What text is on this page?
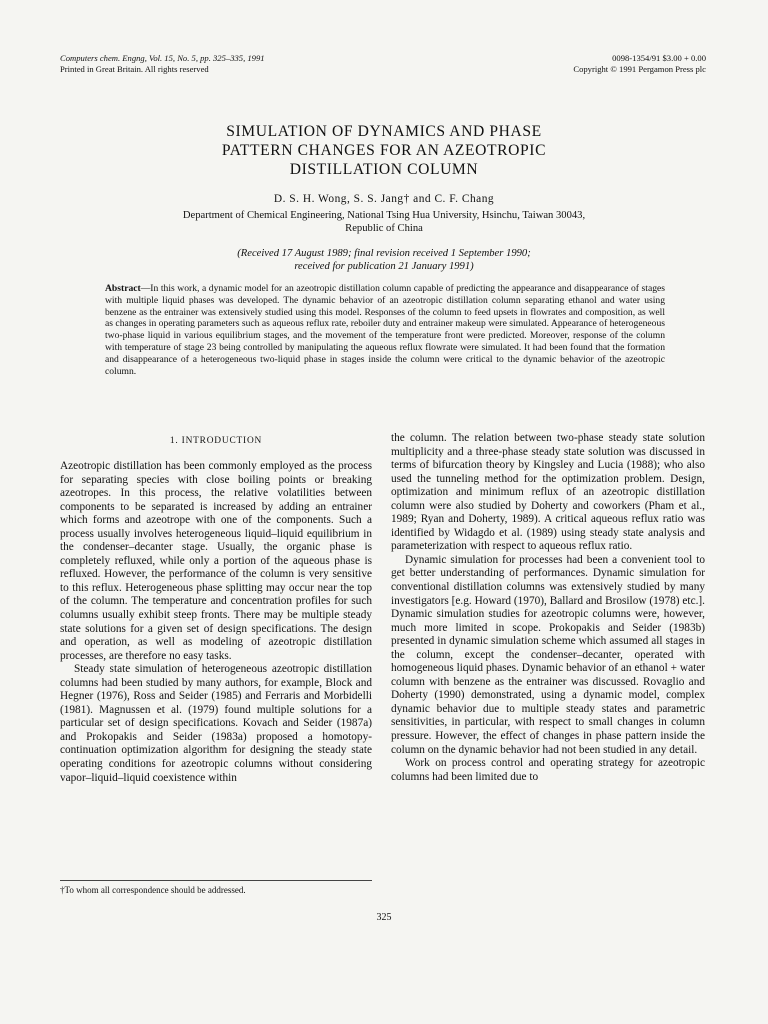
Computers chem. Engng, Vol. 15, No. 5, pp. 325–335, 1991
Printed in Great Britain. All rights reserved
0098-1354/91 $3.00 + 0.00
Copyright © 1991 Pergamon Press plc
SIMULATION OF DYNAMICS AND PHASE
PATTERN CHANGES FOR AN AZEOTROPIC
DISTILLATION COLUMN
D. S. H. Wong, S. S. Jang† and C. F. Chang
Department of Chemical Engineering, National Tsing Hua University, Hsinchu, Taiwan 30043,
Republic of China
(Received 17 August 1989; final revision received 1 September 1990;
received for publication 21 January 1991)
Abstract—In this work, a dynamic model for an azeotropic distillation column capable of predicting the appearance and disappearance of stages with multiple liquid phases was developed. The dynamic behavior of an azeotropic distillation column separating ethanol and water using benzene as the entrainer was extensively studied using this model. Responses of the column to feed upsets in flowrates and composition, as well as changes in operating parameters such as aqueous reflux rate, reboiler duty and entrainer makeup were simulated. Appearance of heterogeneous two-phase liquid in various equilibrium stages, and the movement of the temperature front were predicted. Moreover, response of the column with temperature of stage 23 being controlled by manipulating the aqueous reflux flowrate were simulated. It had been found that the formation and disappearance of a heterogeneous two-liquid phase in stages inside the column were critical to the dynamic behavior of the azeotropic column.
1. INTRODUCTION

Azeotropic distillation has been commonly employed as the process for separating species with close boiling points or breaking azeotropes. In this process, the relative volatilities between components to be separated is increased by adding an entrainer which forms and azeotrope with one of the components. Such a process usually involves heterogeneous liquid–liquid equilibrium in the condenser–decanter stage. Usually, the organic phase is completely refluxed, while only a portion of the aqueous phase is refluxed. However, the performance of the column is very sensitive to this reflux. Heterogeneous phase splitting may occur near the top of the column. The temperature and concentration profiles for such columns usually exhibit steep fronts. There may be multiple steady state solutions for a given set of design specifications. The design and operation, as well as modeling of azeotropic distillation processes, are therefore no easy tasks.

Steady state simulation of heterogeneous azeotropic distillation columns had been studied by many authors, for example, Block and Hegner (1976), Ross and Seider (1985) and Ferraris and Morbidelli (1981). Magnussen et al. (1979) found multiple solutions for a particular set of design specifications. Kovach and Seider (1987a) and Prokopakis and Seider (1983a) proposed a homotopy-continuation optimization algorithm for designing the steady state operating conditions for azeotropic columns without considering vapor–liquid–liquid coexistence within

the column. The relation between two-phase steady state solution multiplicity and a three-phase steady state solution was discussed in terms of bifurcation theory by Kingsley and Lucia (1988); who also used the tunneling method for the optimization problem. Design, optimization and minimum reflux of an azeotropic distillation column were also studied by Doherty and coworkers (Pham et al., 1989; Ryan and Doherty, 1989). A critical aqueous reflux ratio was identified by Widagdo et al. (1989) using steady state analysis and parameterization with respect to aqueous reflux ratio.

Dynamic simulation for processes had been a convenient tool to get better understanding of performances. Dynamic simulation for conventional distillation columns was extensively studied by many investigators [e.g. Howard (1970), Ballard and Brosilow (1978) etc.]. Dynamic simulation studies for azeotropic columns were, however, much more limited in scope. Prokopakis and Seider (1983b) presented in dynamic simulation scheme which assumed all stages in the column, except the condenser–decanter, operated with homogeneous liquid phases. Dynamic behavior of an ethanol + water column with benzene as the entrainer was discussed. Rovaglio and Doherty (1990) demonstrated, using a dynamic model, complex dynamic behavior due to multiple steady states and parametric sensitivities, in particular, with respect to small changes in column pressure. However, the effect of changes in phase pattern inside the column on the dynamic behavior had not been studied in any detail.

Work on process control and operating strategy for azeotropic columns had been limited due to

†To whom all correspondence should be addressed.
325
